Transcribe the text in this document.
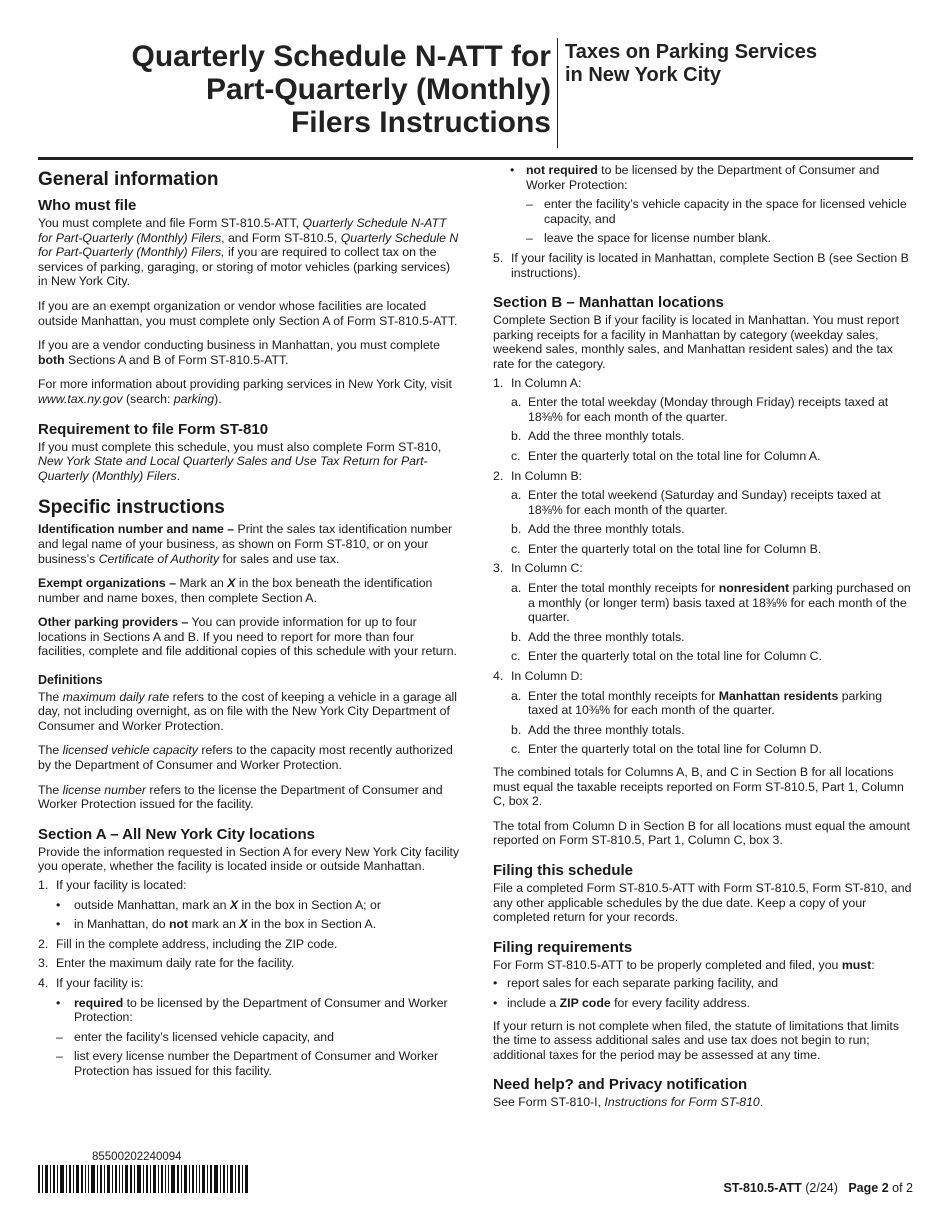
Quarterly Schedule N-ATT for
Part-Quarterly (Monthly)
Filers Instructions
Taxes on Parking Services
in New York City
General information
Who must file

You must complete and file Form ST-810.5-ATT, Quarterly Schedule N-ATT for Part-Quarterly (Monthly) Filers, and Form ST-810.5, Quarterly Schedule N for Part-Quarterly (Monthly) Filers, if you are required to collect tax on the services of parking, garaging, or storing of motor vehicles (parking services) in New York City.

If you are an exempt organization or vendor whose facilities are located outside Manhattan, you must complete only Section A of Form ST-810.5-ATT.

If you are a vendor conducting business in Manhattan, you must complete both Sections A and B of Form ST-810.5-ATT.

For more information about providing parking services in New York City, visit www.tax.ny.gov (search: parking).

Requirement to file Form ST-810

If you must complete this schedule, you must also complete Form ST-810, New York State and Local Quarterly Sales and Use Tax Return for Part-Quarterly (Monthly) Filers.

Specific instructions

Identification number and name – Print the sales tax identification number and legal name of your business, as shown on Form ST-810, or on your business’s Certificate of Authority for sales and use tax.

Exempt organizations – Mark an X in the box beneath the identification number and name boxes, then complete Section A.

Other parking providers – You can provide information for up to four locations in Sections A and B. If you need to report for more than four facilities, complete and file additional copies of this schedule with your return.

Definitions

The maximum daily rate refers to the cost of keeping a vehicle in a garage all day, not including overnight, as on file with the New York City Department of Consumer and Worker Protection.

The licensed vehicle capacity refers to the capacity most recently authorized by the Department of Consumer and Worker Protection.

The license number refers to the license the Department of Consumer and Worker Protection issued for the facility.

Section A – All New York City locations

Provide the information requested in Section A for every New York City facility you operate, whether the facility is located inside or outside Manhattan.

1. If your facility is located:
•	outside Manhattan, mark an X in the box in Section A; or
•	in Manhattan, do not mark an X in the box in Section A.
2. Fill in the complete address, including the ZIP code.
3. Enter the maximum daily rate for the facility.
4. If your facility is:
•	required to be licensed by the Department of Consumer and Worker Protection:
– enter the facility’s licensed vehicle capacity, and
– list every license number the Department of Consumer and Worker Protection has issued for this facility.
• not required to be licensed by the Department of Consumer and Worker Protection:
– enter the facility’s vehicle capacity in the space for licensed vehicle capacity, and
– leave the space for license number blank.
5. If your facility is located in Manhattan, complete Section B (see Section B instructions).
Section B – Manhattan locations

Complete Section B if your facility is located in Manhattan. You must report parking receipts for a facility in Manhattan by category (weekday sales, weekend sales, monthly sales, and Manhattan resident sales) and the tax rate for the category.

1. In Column A:
a. Enter the total weekday (Monday through Friday) receipts taxed at 18⅜% for each month of the quarter.
b. Add the three monthly totals.
c. Enter the quarterly total on the total line for Column A.
2. In Column B:
a. Enter the total weekend (Saturday and Sunday) receipts taxed at 18⅜% for each month of the quarter.
b. Add the three monthly totals.
c. Enter the quarterly total on the total line for Column B.
3. In Column C:
a. Enter the total monthly receipts for nonresident parking purchased on a monthly (or longer term) basis taxed at 18⅜% for each month of the quarter.
b. Add the three monthly totals.
c. Enter the quarterly total on the total line for Column C.
4. In Column D:
a. Enter the total monthly receipts for Manhattan residents parking taxed at 10⅜% for each month of the quarter.
b. Add the three monthly totals.
c. Enter the quarterly total on the total line for Column D.

The combined totals for Columns A, B, and C in Section B for all locations must equal the taxable receipts reported on Form ST-810.5, Part 1, Column C, box 2.

The total from Column D in Section B for all locations must equal the amount reported on Form ST-810.5, Part 1, Column C, box 3.

Filing this schedule

File a completed Form ST-810.5-ATT with Form ST-810.5, Form ST-810, and any other applicable schedules by the due date. Keep a copy of your completed return for your records.

Filing requirements

For Form ST-810.5-ATT to be properly completed and filed, you must:

• report sales for each separate parking facility, and
• include a ZIP code for every facility address.

If your return is not complete when filed, the statute of limitations that limits the time to assess additional sales and use tax does not begin to run; additional taxes for the period may be assessed at any time.

Need help? and Privacy notification

See Form ST-810-I, Instructions for Form ST-810.

85500202240094
ST-810.5-ATT (2/24) Page 2 of 2
